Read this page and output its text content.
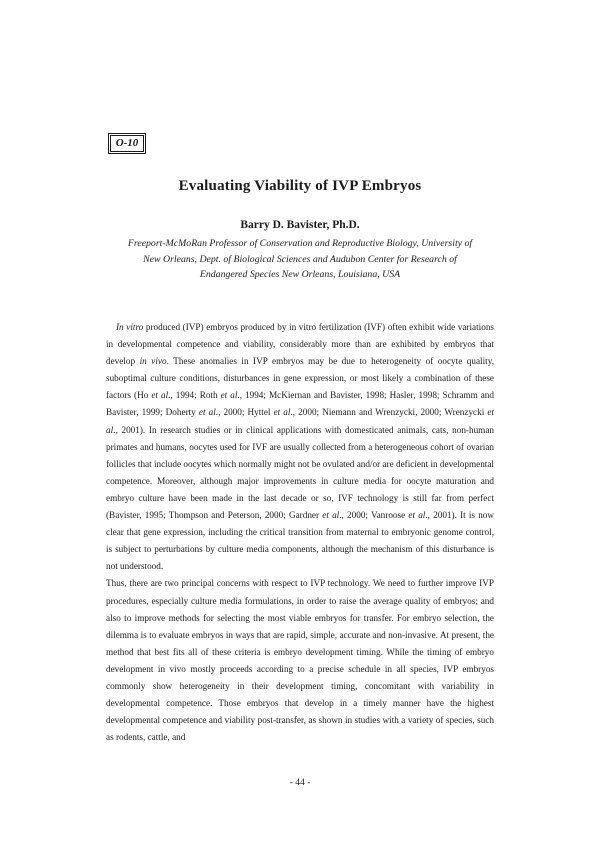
O-10
Evaluating Viability of IVP Embryos
Barry D. Bavister, Ph.D.
Freeport-McMoRan Professor of Conservation and Reproductive Biology, University of
New Orleans, Dept. of Biological Sciences and Audubon Center for Research of
Endangered Species New Orleans, Louisiana, USA

In vitro produced (IVP) embryos produced by in vitro fertilization (IVF) often exhibit wide variations in developmental competence and viability, considerably more than are exhibited by embryos that develop in vivo. These anomalies in IVP embryos may be due to heterogeneity of oocyte quality, suboptimal culture conditions, disturbances in gene expression, or most likely a combination of these factors (Ho et al., 1994; Roth et al., 1994; McKiernan and Bavister, 1998; Hasler, 1998; Schramm and Bavister, 1999; Doherty et al., 2000; Hyttel et al., 2000; Niemann and Wrenzycki, 2000; Wrenzycki et al., 2001). In research studies or in clinical applications with domesticated animals, cats, non-human primates and humans, oocytes used for IVF are usually collected from a heterogeneous cohort of ovarian follicles that include oocytes which normally might not be ovulated and/or are deficient in developmental competence. Moreover, although major improvements in culture media for oocyte maturation and embryo culture have been made in the last decade or so, IVF technology is still far from perfect (Bavister, 1995; Thompson and Peterson, 2000; Gardner et al., 2000; Vanroose et al., 2001). It is now clear that gene expression, including the critical transition from maternal to embryonic genome control, is subject to perturbations by culture media components, although the mechanism of this disturbance is not understood.

Thus, there are two principal concerns with respect to IVP technology. We need to further improve IVP procedures, especially culture media formulations, in order to raise the average quality of embryos; and also to improve methods for selecting the most viable embryos for transfer. For embryo selection, the dilemma is to evaluate embryos in ways that are rapid, simple, accurate and non-invasive. At present, the method that best fits all of these criteria is embryo development timing. While the timing of embryo development in vivo mostly proceeds according to a precise schedule in all species, IVP embryos commonly show heterogeneity in their development timing, concomitant with variability in developmental competence. Those embryos that develop in a timely manner have the highest developmental competence and viability post-transfer, as shown in studies with a variety of species, such as rodents, cattle, and

- 44 -
